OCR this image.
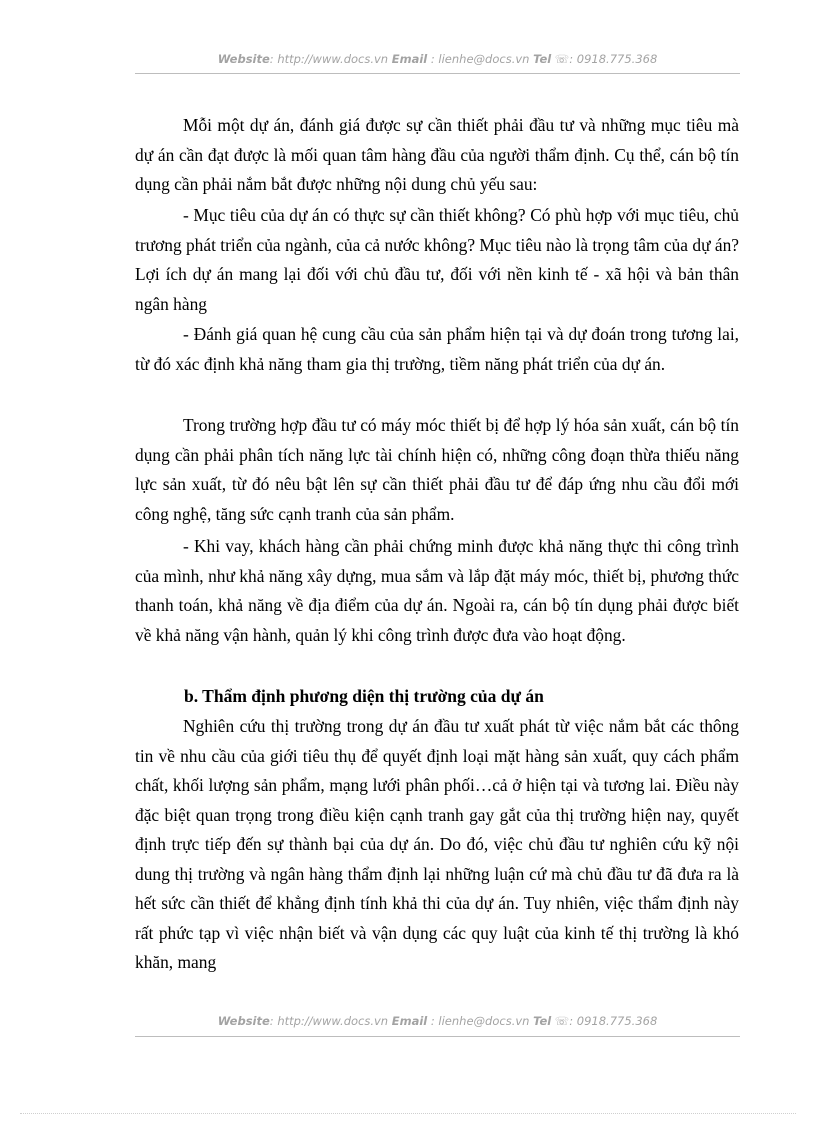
Website: http://www.docs.vn Email : lienhe@docs.vn Tel ☏: 0918.775.368

Mỗi một dự án, đánh giá được sự cần thiết phải đầu tư và những mục tiêu mà dự án cần đạt được là mối quan tâm hàng đầu của người thẩm định. Cụ thể, cán bộ tín dụng cần phải nắm bắt được những nội dung chủ yếu sau:

- Mục tiêu của dự án có thực sự cần thiết không? Có phù hợp với mục tiêu, chủ trương phát triển của ngành, của cả nước không? Mục tiêu nào là trọng tâm của dự án? Lợi ích dự án mang lại đối với chủ đầu tư, đối với nền kinh tế - xã hội và bản thân ngân hàng

- Đánh giá quan hệ cung cầu của sản phẩm hiện tại và dự đoán trong tương lai, từ đó xác định khả năng tham gia thị trường, tiềm năng phát triển của dự án.

Trong trường hợp đầu tư có máy móc thiết bị để hợp lý hóa sản xuất, cán bộ tín dụng cần phải phân tích năng lực tài chính hiện có, những công đoạn thừa thiếu năng lực sản xuất, từ đó nêu bật lên sự cần thiết phải đầu tư để đáp ứng nhu cầu đổi mới công nghệ, tăng sức cạnh tranh của sản phẩm.

- Khi vay, khách hàng cần phải chứng minh được khả năng thực thi công trình của mình, như khả năng xây dựng, mua sắm và lắp đặt máy móc, thiết bị, phương thức thanh toán, khả năng về địa điểm của dự án. Ngoài ra, cán bộ tín dụng phải được biết về khả năng vận hành, quản lý khi công trình được đưa vào hoạt động.

b. Thẩm định phương diện thị trường của dự án

Nghiên cứu thị trường trong dự án đầu tư xuất phát từ việc nắm bắt các thông tin về nhu cầu của giới tiêu thụ để quyết định loại mặt hàng sản xuất, quy cách phẩm chất, khối lượng sản phẩm, mạng lưới phân phối…cả ở hiện tại và tương lai. Điều này đặc biệt quan trọng trong điều kiện cạnh tranh gay gắt của thị trường hiện nay, quyết định trực tiếp đến sự thành bại của dự án. Do đó, việc chủ đầu tư nghiên cứu kỹ nội dung thị trường và ngân hàng thẩm định lại những luận cứ mà chủ đầu tư đã đưa ra là hết sức cần thiết để khẳng định tính khả thi của dự án. Tuy nhiên, việc thẩm định này rất phức tạp vì việc nhận biết và vận dụng các quy luật của kinh tế thị trường là khó khăn, mang

Website: http://www.docs.vn Email : lienhe@docs.vn Tel ☏: 0918.775.368
